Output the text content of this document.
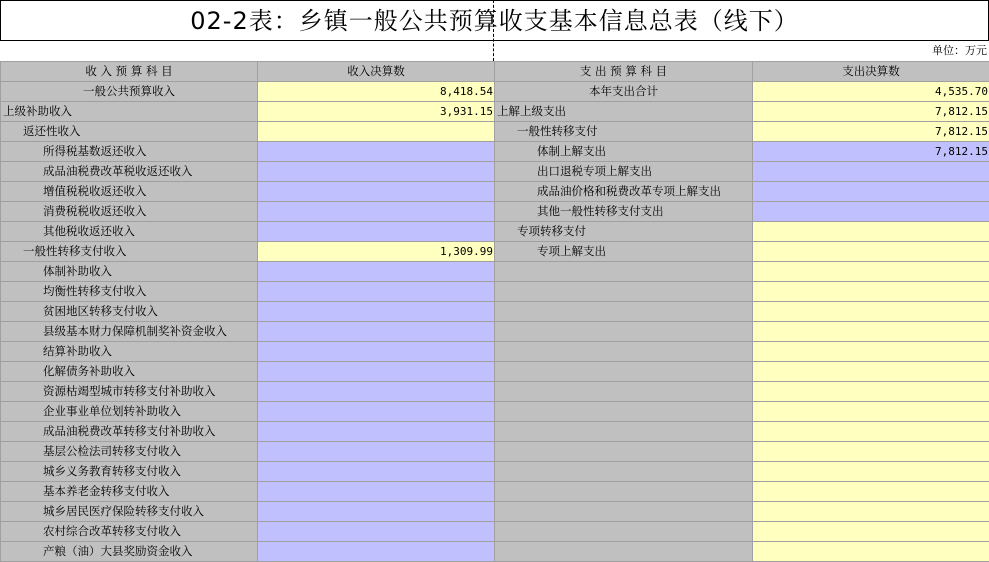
02-2表：乡镇一般公共预算收支基本信息总表（线下）
单位：万元
收 入 预 算 科 目	收入决算数	支 出 预 算 科 目	支出决算数
一般公共预算收入	8,418.54	本年支出合计	4,535.70
上级补助收入	3,931.15	上解上级支出	7,812.15
返还性收入		一般性转移支付	7,812.15
所得税基数返还收入		体制上解支出	7,812.15
成品油税费改革税收返还收入		出口退税专项上解支出	
增值税税收返还收入		成品油价格和税费改革专项上解支出	
消费税税收返还收入		其他一般性转移支付支出	
其他税收返还收入		专项转移支付	
一般性转移支付收入	1,309.99	专项上解支出	
体制补助收入			
均衡性转移支付收入			
贫困地区转移支付收入			
县级基本财力保障机制奖补资金收入			
结算补助收入			
化解债务补助收入			
资源枯竭型城市转移支付补助收入			
企业事业单位划转补助收入			
成品油税费改革转移支付补助收入			
基层公检法司转移支付收入			
城乡义务教育转移支付收入			
基本养老金转移支付收入			
城乡居民医疗保险转移支付收入			
农村综合改革转移支付收入			
产粮（油）大县奖励资金收入			
